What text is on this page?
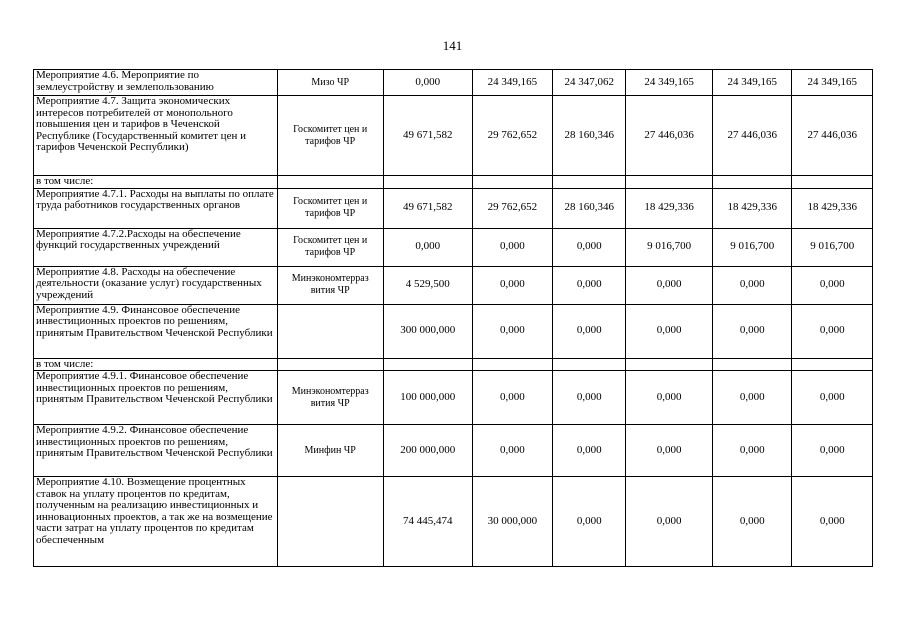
141
Мероприятие 4.6. Мероприятие по землеустройству и землепользованию	Мизо ЧР	0,000	24 349,165	24 347,062	24 349,165	24 349,165	24 349,165
Мероприятие 4.7. Защита экономических интересов потребителей от монопольного повышения цен и тарифов в Чеченской Республике (Государственный комитет цен и тарифов Чеченской Республики)	Госкомитет цен и тарифов ЧР	49 671,582	29 762,652	28 160,346	27 446,036	27 446,036	27 446,036
в том числе:							
Мероприятие 4.7.1. Расходы на выплаты по оплате труда работников государственных органов	Госкомитет цен и тарифов ЧР	49 671,582	29 762,652	28 160,346	18 429,336	18 429,336	18 429,336
Мероприятие 4.7.2.Расходы на обеспечение функций государственных учреждений	Госкомитет цен и тарифов ЧР	0,000	0,000	0,000	9 016,700	9 016,700	9 016,700
Мероприятие 4.8. Расходы на обеспечение деятельности (оказание услуг) государственных учреждений	Минэкономтерраз вития ЧР	4 529,500	0,000	0,000	0,000	0,000	0,000
Мероприятие 4.9. Финансовое обеспечение инвестиционных проектов по решениям, принятым Правительством Чеченской Республики		300 000,000	0,000	0,000	0,000	0,000	0,000
в том числе:							
Мероприятие 4.9.1. Финансовое обеспечение инвестиционных проектов по решениям, принятым Правительством Чеченской Республики	Минэкономтерраз вития ЧР	100 000,000	0,000	0,000	0,000	0,000	0,000
Мероприятие 4.9.2. Финансовое обеспечение инвестиционных проектов по решениям, принятым Правительством Чеченской Республики	Минфин ЧР	200 000,000	0,000	0,000	0,000	0,000	0,000
Мероприятие 4.10. Возмещение процентных ставок на уплату процентов по кредитам, полученным на реализацию инвестиционных и инновационных проектов, а так же на возмещение части затрат на уплату процентов по кредитам обеспеченным		74 445,474	30 000,000	0,000	0,000	0,000	0,000
